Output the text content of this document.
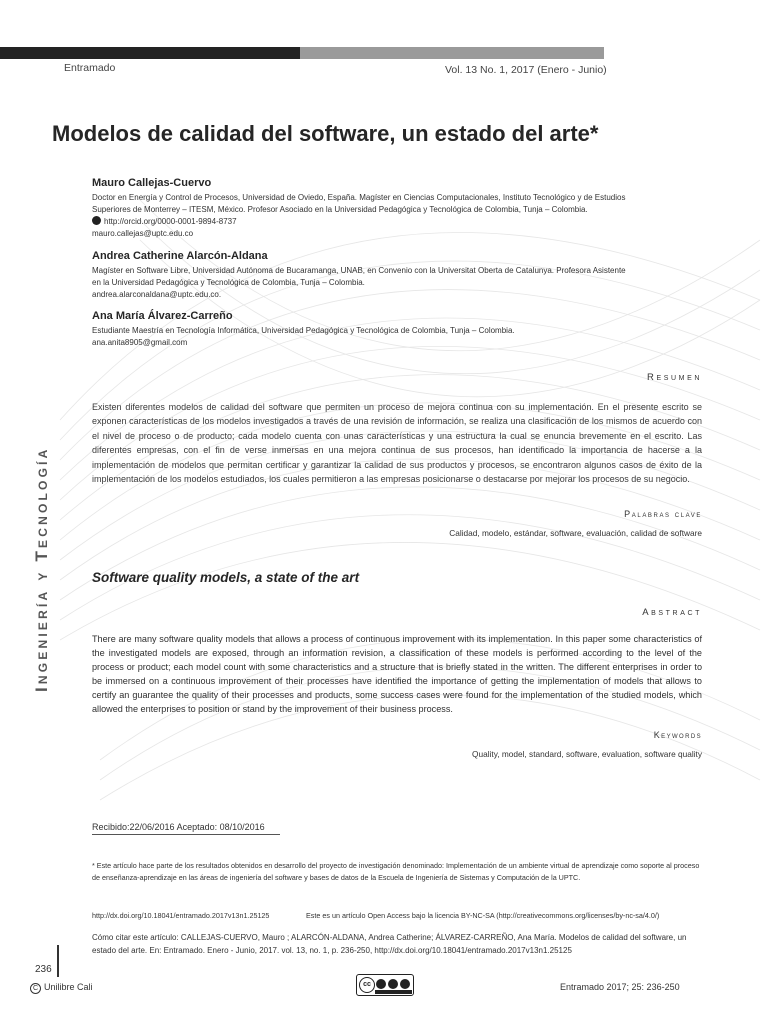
Entramado	Vol. 13 No. 1, 2017 (Enero - Junio)
Modelos de calidad del software, un estado del arte*
Mauro Callejas-Cuervo
Doctor en Energía y Control de Procesos, Universidad de Oviedo, España. Magíster en Ciencias Computacionales, Instituto Tecnológico y de Estudios
Superiores de Monterrey – ITESM, México. Profesor Asociado en la Universidad Pedagógica y Tecnológica de Colombia, Tunja – Colombia.
http://orcid.org/0000-0001-9894-8737
mauro.callejas@uptc.edu.co
Andrea Catherine Alarcón-Aldana
Magíster en Software Libre, Universidad Autónoma de Bucaramanga, UNAB, en Convenio con la Universitat Oberta de Catalunya. Profesora Asistente
en la Universidad Pedagógica y Tecnológica de Colombia, Tunja – Colombia.
andrea.alarconaldana@uptc.edu.co.
Ana María Álvarez-Carreño
Estudiante Maestría en Tecnología Informática, Universidad Pedagógica y Tecnológica de Colombia, Tunja – Colombia.
ana.anita8905@gmail.com
Resumen
Existen diferentes modelos de calidad del software que permiten un proceso de mejora continua con su implementación. En el presente escrito se exponen características de los modelos investigados a través de una revisión de información, se realiza una clasificación de los mismos de acuerdo con el nivel de proceso o de producto; cada modelo cuenta con unas características y una estructura la cual se enuncia brevemente en el escrito. Las diferentes empresas, con el fin de verse inmersas en una mejora continua de sus procesos, han identificado la importancia de hacerse a la implementación de modelos que permitan certificar y garantizar la calidad de sus productos y procesos, se encontraron algunos casos de éxito de la implementación de los modelos estudiados, los cuales permitieron a las empresas posicionarse o destacarse por mejorar los procesos de su negocio.
Palabras clave
Calidad, modelo, estándar, software, evaluación, calidad de software
Ingeniería y Tecnología	Software quality models, a state of the art
Abstract
There are many software quality models that allows a process of continuous improvement with its implementation. In this paper some characteristics of the investigated models are exposed, through an information revision, a classification of these models is performed according to the level of the process or product; each model count with some characteristics and a structure that is briefly stated in the written. The different enterprises in order to be immersed on a continuous improvement of their processes have identified the importance of getting the implementation of models that allows to certify an guarantee the quality of their processes and products, some success cases were found for the implementation of the studied models, which allowed the enterprises to position or stand by the improvement of their business process.
Keywords
Quality, model, standard, software, evaluation, software quality
Recibido:22/06/2016 Aceptado: 08/10/2016
* Este artículo hace parte de los resultados obtenidos en desarrollo del proyecto de investigación denominado: Implementación de un ambiente virtual de aprendizaje como soporte al proceso de enseñanza-aprendizaje en las áreas de ingeniería del software y bases de datos de la Escuela de Ingeniería de Sistemas y Computación de la UPTC.
http://dx.doi.org/10.18041/entramado.2017v13n1.25125	Este es un artículo Open Access bajo la licencia BY-NC-SA (http://creativecommons.org/licenses/by-nc-sa/4.0/)
Cómo citar este artículo: CALLEJAS-CUERVO, Mauro ; ALARCÓN-ALDANA, Andrea Catherine; ÁLVAREZ-CARREÑO, Ana María. Modelos de calidad del software, un estado del arte. En: Entramado. Enero - Junio, 2017. vol. 13, no. 1, p. 236-250, http://dx.doi.org/10.18041/entramado.2017v13n1.25125
236
C Unilibre Cali	cc	Entramado 2017; 25: 236-250
